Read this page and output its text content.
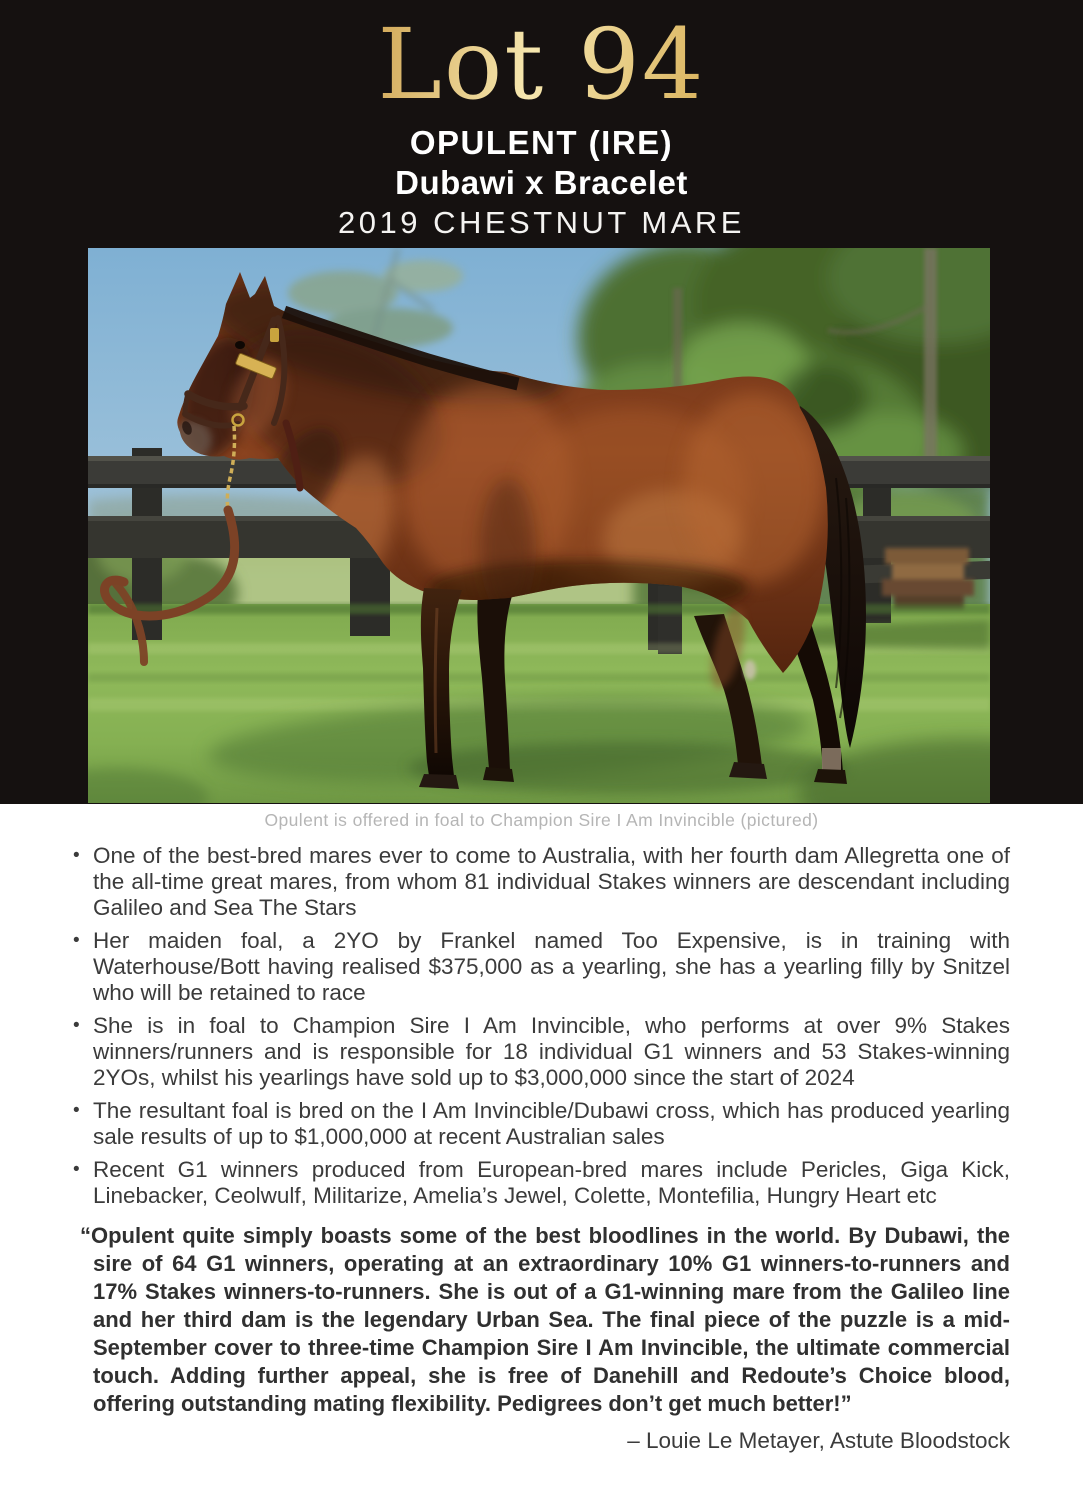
Lot 94
OPULENT (IRE)
Dubawi x Bracelet
2019 CHESTNUT MARE
Opulent is offered in foal to Champion Sire I Am Invincible (pictured)
• One of the best-bred mares ever to come to Australia, with her fourth dam Allegretta one of the all-time great mares, from whom 81 individual Stakes winners are descendant including Galileo and Sea The Stars
• Her maiden foal, a 2YO by Frankel named Too Expensive, is in training with Waterhouse/Bott having realised $375,000 as a yearling, she has a yearling filly by Snitzel who will be retained to race
• She is in foal to Champion Sire I Am Invincible, who performs at over 9% Stakes winners/runners and is responsible for 18 individual G1 winners and 53 Stakes-winning 2YOs, whilst his yearlings have sold up to $3,000,000 since the start of 2024
• The resultant foal is bred on the I Am Invincible/Dubawi cross, which has produced yearling sale results of up to $1,000,000 at recent Australian sales
• Recent G1 winners produced from European-bred mares include Pericles, Giga Kick, Linebacker, Ceolwulf, Militarize, Amelia’s Jewel, Colette, Montefilia, Hungry Heart etc

“Opulent quite simply boasts some of the best bloodlines in the world. By Dubawi, the sire of 64 G1 winners, operating at an extraordinary 10% G1 winners-to-runners and 17% Stakes winners-to-runners. She is out of a G1-winning mare from the Galileo line and her third dam is the legendary Urban Sea. The final piece of the puzzle is a mid-September cover to three-time Champion Sire I Am Invincible, the ultimate commercial touch. Adding further appeal, she is free of Danehill and Redoute’s Choice blood, offering outstanding mating flexibility. Pedigrees don’t get much better!”

– Louie Le Metayer, Astute Bloodstock
